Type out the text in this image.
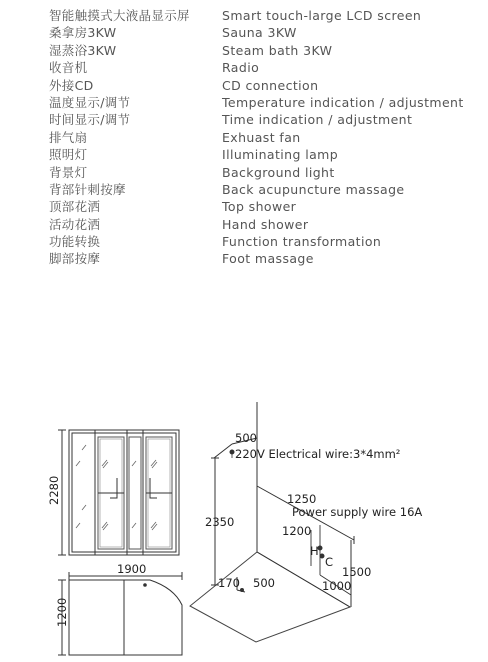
智能触摸式大液晶显示屏	Smart touch-large LCD screen
桑拿房3KW	Sauna 3KW
湿蒸浴3KW	Steam bath 3KW
收音机	Radio
外接CD	CD connection
温度显示/调节	Temperature indication / adjustment
时间显示/调节	Time indication / adjustment
排气扇	Exhuast fan
照明灯	Illuminating lamp
背景灯	Background light
背部针刺按摩	Back acupuncture massage
顶部花洒	Top shower
活动花洒	Hand shower
功能转换	Function transformation
脚部按摩	Foot massage
2280
1900
1200
500
220V Electrical wire:3*4mm²
2350
1250
Power supply wire 16A
1200
H
C
1500
1000
170 500
